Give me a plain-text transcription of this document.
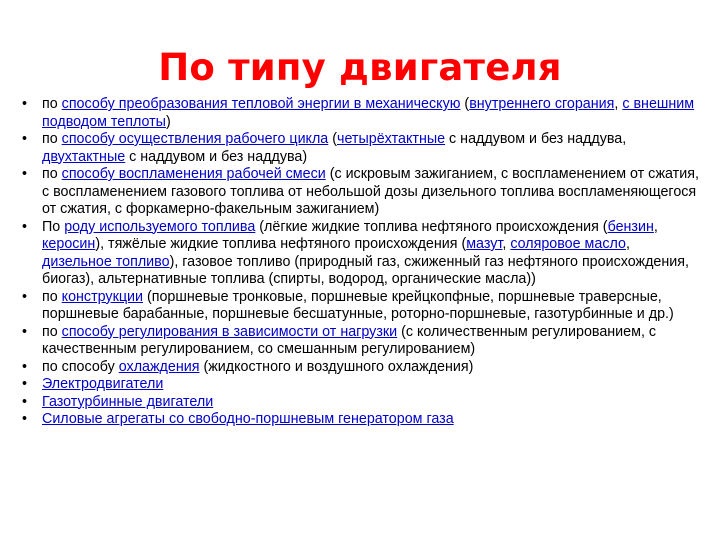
По типу двигателя
• по способу преобразования тепловой энергии в механическую (внутреннего сгорания, с внешним подводом теплоты)
• по способу осуществления рабочего цикла (четырёхтактные с наддувом и без наддува, двухтактные с наддувом и без наддува)
• по способу воспламенения рабочей смеси (с искровым зажиганием, с воспламенением от сжатия, с воспламенением газового топлива от небольшой дозы дизельного топлива воспламеняющегося от сжатия, с форкамерно-факельным зажиганием)
• По роду используемого топлива (лёгкие жидкие топлива нефтяного происхождения (бензин, керосин), тяжёлые жидкие топлива нефтяного происхождения (мазут, соляровое масло, дизельное топливо), газовое топливо (природный газ, сжиженный газ нефтяного происхождения, биогаз), альтернативные топлива (спирты, водород, органические масла))
• по конструкции (поршневые тронковые, поршневые крейцкопфные, поршневые траверсные, поршневые барабанные, поршневые бесшатунные, роторно-поршневые, газотурбинные и др.)
• по способу регулирования в зависимости от нагрузки (с количественным регулированием, с качественным регулированием, со смешанным регулированием)
• по способу охлаждения (жидкостного и воздушного охлаждения)
• Электродвигатели
• Газотурбинные двигатели
• Силовые агрегаты со свободно-поршневым генератором газа
